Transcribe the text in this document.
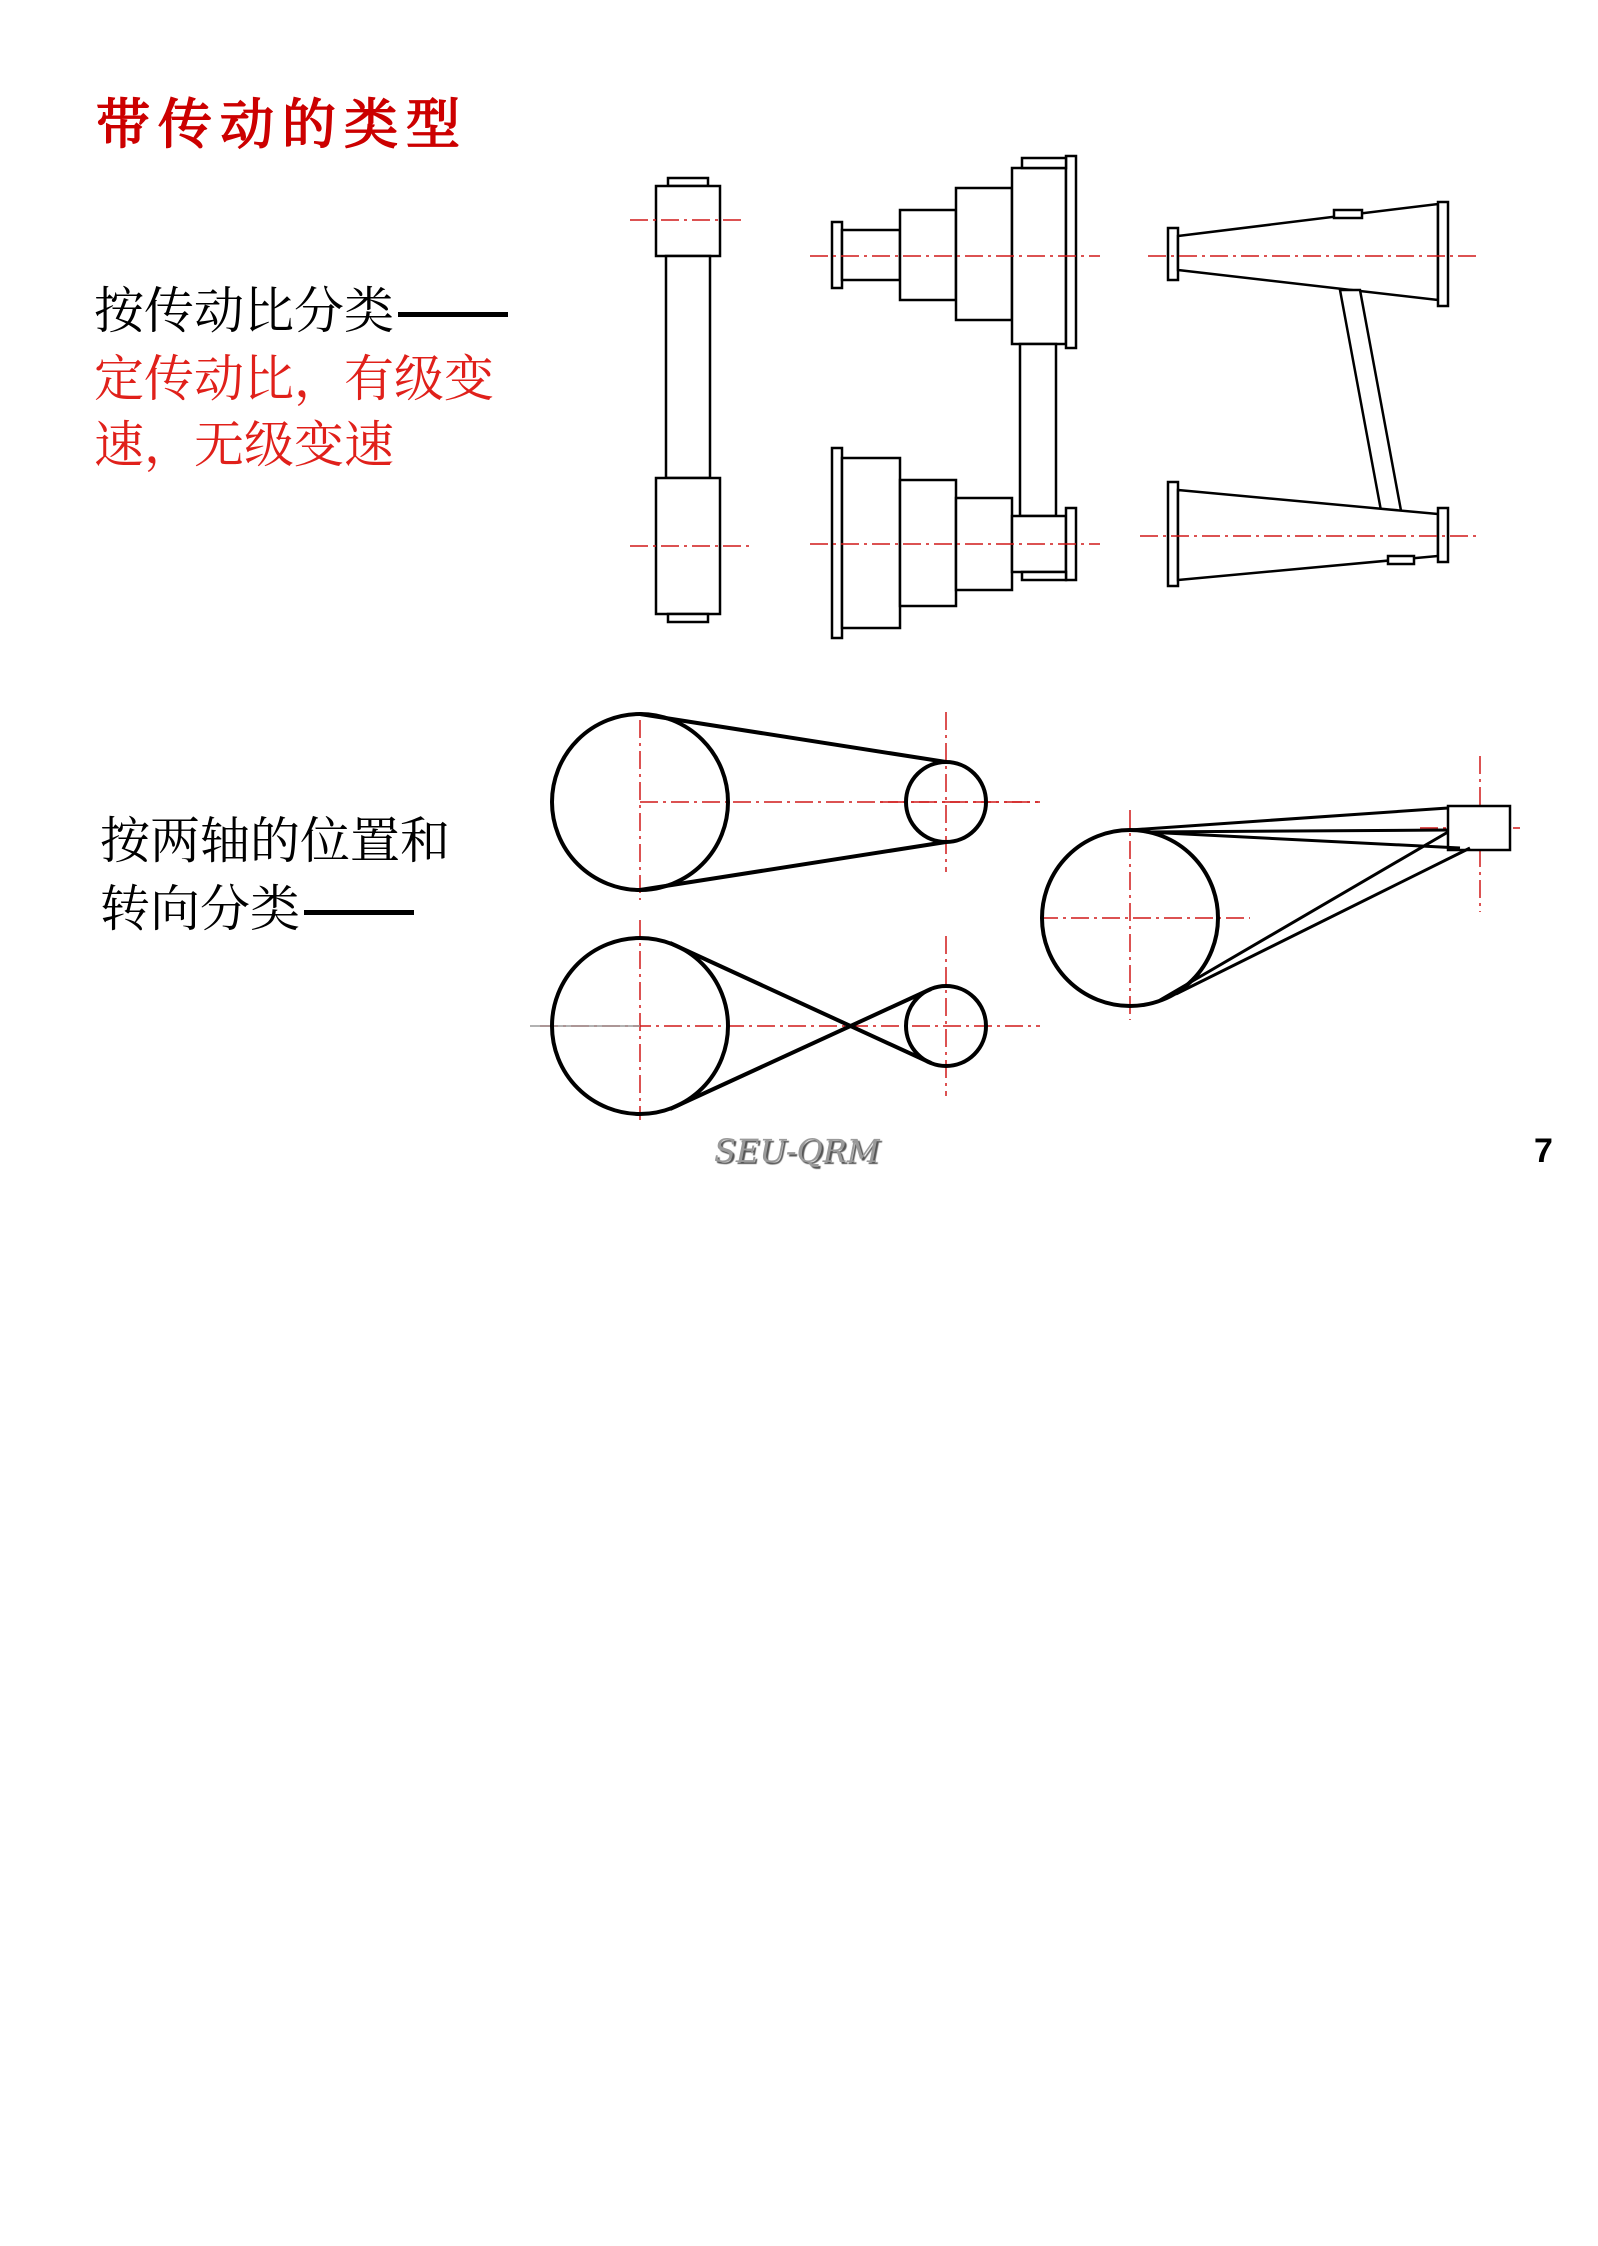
带传动的类型

按传动比分类

定传动比，有级变

速，无级变速

按两轴的位置和

转向分类

SEU-QRM	7
